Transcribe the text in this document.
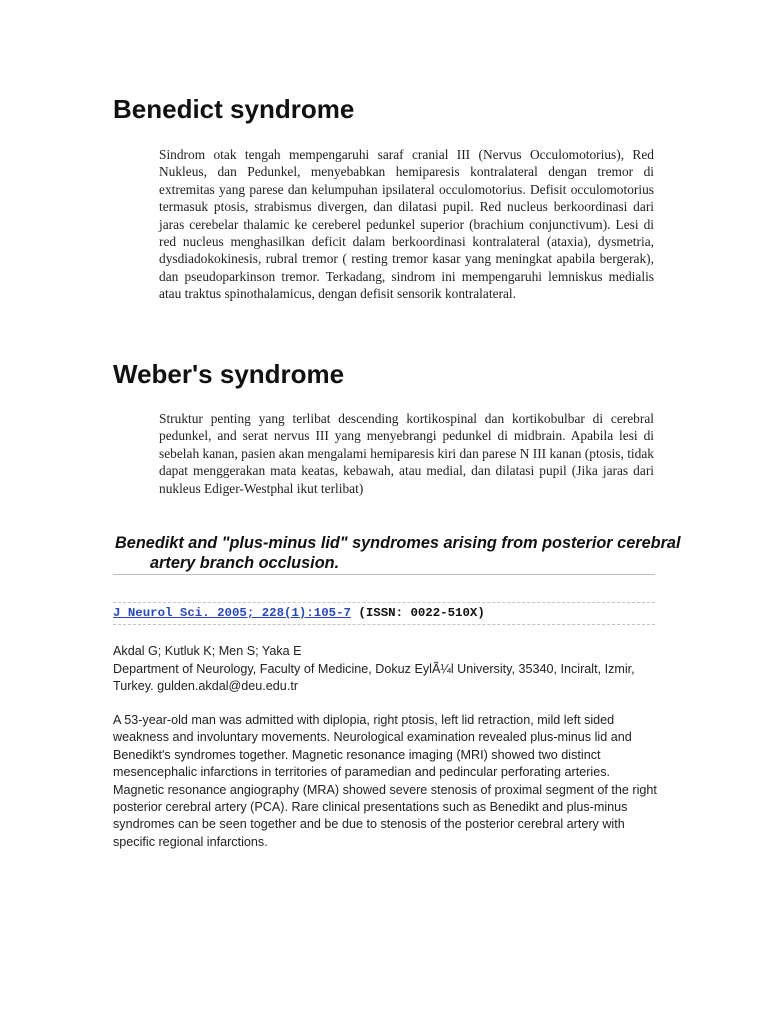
Benedict syndrome

Sindrom otak tengah mempengaruhi saraf cranial III (Nervus Occulomotorius), Red Nukleus, dan Pedunkel, menyebabkan hemiparesis kontralateral dengan tremor di extremitas yang parese dan kelumpuhan ipsilateral occulomotorius. Defisit occulomotorius termasuk ptosis, strabismus divergen, dan dilatasi pupil. Red nucleus berkoordinasi dari jaras cerebelar thalamic ke cereberel pedunkel superior (brachium conjunctivum). Lesi di red nucleus menghasilkan deficit dalam berkoordinasi kontralateral (ataxia), dysmetria, dysdiadokokinesis, rubral tremor ( resting tremor kasar yang meningkat apabila bergerak), dan pseudoparkinson tremor. Terkadang, sindrom ini mempengaruhi lemniskus medialis atau traktus spinothalamicus, dengan defisit sensorik kontralateral.

Weber's syndrome

Struktur penting yang terlibat descending kortikospinal dan kortikobulbar di cerebral pedunkel, and serat nervus III yang menyebrangi pedunkel di midbrain. Apabila lesi di sebelah kanan, pasien akan mengalami hemiparesis kiri dan parese N III kanan (ptosis, tidak dapat menggerakan mata keatas, kebawah, atau medial, dan dilatasi pupil (Jika jaras dari nukleus Ediger-Westphal ikut terlibat)

Benedikt and "plus-minus lid" syndromes arising from posterior cerebral artery branch occlusion.
J Neurol Sci. 2005; 228(1):105-7 (ISSN: 0022-510X)

Akdal G; Kutluk K; Men S; Yaka E

Department of Neurology, Faculty of Medicine, Dokuz EylÃ¼l University, 35340, Inciralt, Izmir, Turkey. gulden.akdal@deu.edu.tr

A 53-year-old man was admitted with diplopia, right ptosis, left lid retraction, mild left sided weakness and involuntary movements. Neurological examination revealed plus-minus lid and Benedikt's syndromes together. Magnetic resonance imaging (MRI) showed two distinct mesencephalic infarctions in territories of paramedian and pedincular perforating arteries. Magnetic resonance angiography (MRA) showed severe stenosis of proximal segment of the right posterior cerebral artery (PCA). Rare clinical presentations such as Benedikt and plus-minus syndromes can be seen together and be due to stenosis of the posterior cerebral artery with specific regional infarctions.
